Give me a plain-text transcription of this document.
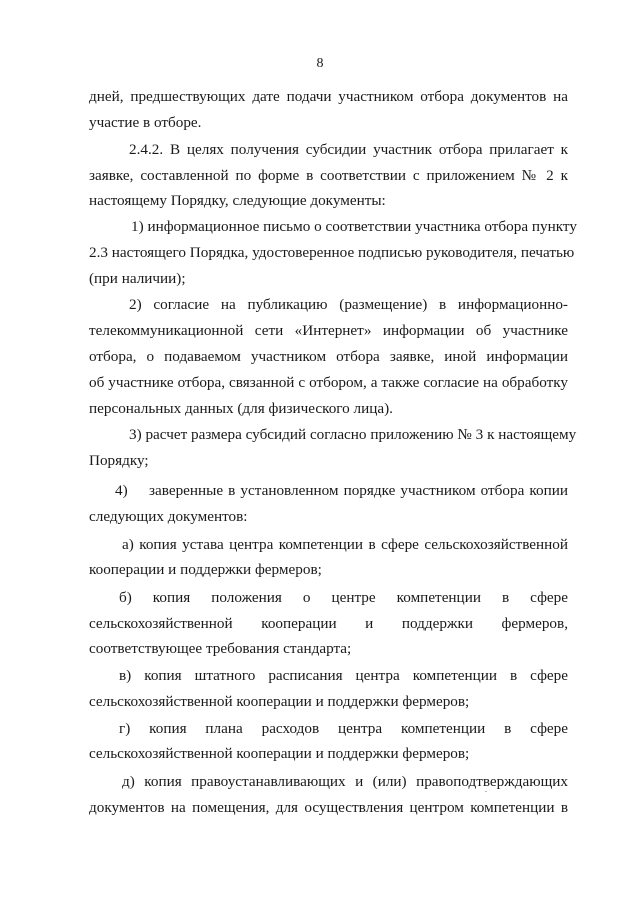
8
дней, предшествующих дате подачи участником отбора документов на
участие в отборе.
2.4.2. В целях получения субсидии участник отбора прилагает к
заявке, составленной по форме в соответствии с приложением № 2 к
настоящему Порядку, следующие документы:
1) информационное письмо о соответствии участника отбора пункту
2.3 настоящего Порядка, удостоверенное подписью руководителя, печатью
(при наличии);
2) согласие на публикацию (размещение) в информационно-
телекоммуникационной сети «Интернет» информации об участнике
отбора, о подаваемом участником отбора заявке, иной информации
об участнике отбора, связанной с отбором, а также согласие на обработку
персональных данных (для физического лица).
3) расчет размера субсидий согласно приложению № 3 к настоящему
Порядку;
4) заверенные в установленном порядке участником отбора копии
следующих документов:
а) копия устава центра компетенции в сфере сельскохозяйственной
кооперации и поддержки фермеров;
б) копия положения о центре компетенции в сфере
сельскохозяйственной кооперации и поддержки фермеров,
соответствующее требования стандарта;
в) копия штатного расписания центра компетенции в сфере
сельскохозяйственной кооперации и поддержки фермеров;
г) копия плана расходов центра компетенции в сфере
сельскохозяйственной кооперации и поддержки фермеров;
д) копия правоустанавливающих и (или) правоподтверждающих
документов на помещения, для осуществления центром компетенции в
